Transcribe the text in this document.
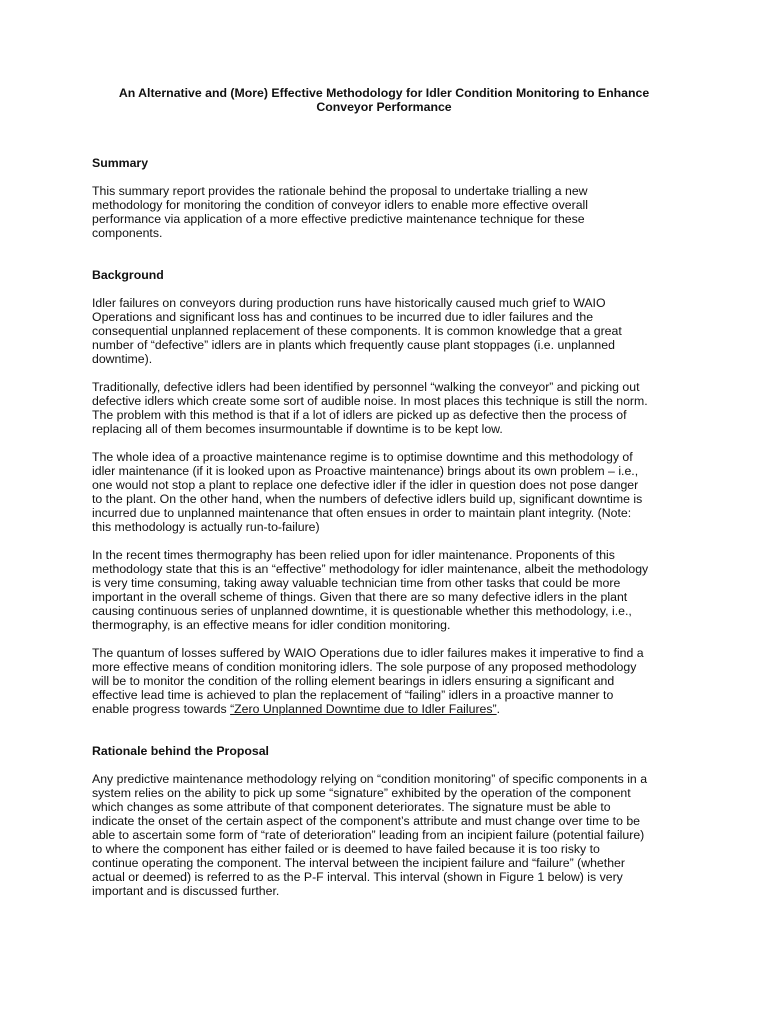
An Alternative and (More) Effective Methodology for Idler Condition Monitoring to Enhance
Conveyor Performance
Summary
This summary report provides the rationale behind the proposal to undertake trialling a new
methodology for monitoring the condition of conveyor idlers to enable more effective overall
performance via application of a more effective predictive maintenance technique for these
components.
Background
Idler failures on conveyors during production runs have historically caused much grief to WAIO
Operations and significant loss has and continues to be incurred due to idler failures and the
consequential unplanned replacement of these components. It is common knowledge that a great
number of “defective” idlers are in plants which frequently cause plant stoppages (i.e. unplanned
downtime).
Traditionally, defective idlers had been identified by personnel “walking the conveyor” and picking out
defective idlers which create some sort of audible noise. In most places this technique is still the norm.
The problem with this method is that if a lot of idlers are picked up as defective then the process of
replacing all of them becomes insurmountable if downtime is to be kept low.
The whole idea of a proactive maintenance regime is to optimise downtime and this methodology of
idler maintenance (if it is looked upon as Proactive maintenance) brings about its own problem – i.e.,
one would not stop a plant to replace one defective idler if the idler in question does not pose danger
to the plant. On the other hand, when the numbers of defective idlers build up, significant downtime is
incurred due to unplanned maintenance that often ensues in order to maintain plant integrity. (Note:
this methodology is actually run-to-failure)
In the recent times thermography has been relied upon for idler maintenance. Proponents of this
methodology state that this is an “effective” methodology for idler maintenance, albeit the methodology
is very time consuming, taking away valuable technician time from other tasks that could be more
important in the overall scheme of things. Given that there are so many defective idlers in the plant
causing continuous series of unplanned downtime, it is questionable whether this methodology, i.e.,
thermography, is an effective means for idler condition monitoring.
The quantum of losses suffered by WAIO Operations due to idler failures makes it imperative to find a
more effective means of condition monitoring idlers. The sole purpose of any proposed methodology
will be to monitor the condition of the rolling element bearings in idlers ensuring a significant and
effective lead time is achieved to plan the replacement of “failing” idlers in a proactive manner to
enable progress towards “Zero Unplanned Downtime due to Idler Failures”.
Rationale behind the Proposal
Any predictive maintenance methodology relying on “condition monitoring” of specific components in a
system relies on the ability to pick up some “signature” exhibited by the operation of the component
which changes as some attribute of that component deteriorates. The signature must be able to
indicate the onset of the certain aspect of the component’s attribute and must change over time to be
able to ascertain some form of “rate of deterioration” leading from an incipient failure (potential failure)
to where the component has either failed or is deemed to have failed because it is too risky to
continue operating the component. The interval between the incipient failure and “failure” (whether
actual or deemed) is referred to as the P-F interval. This interval (shown in Figure 1 below) is very
important and is discussed further.
